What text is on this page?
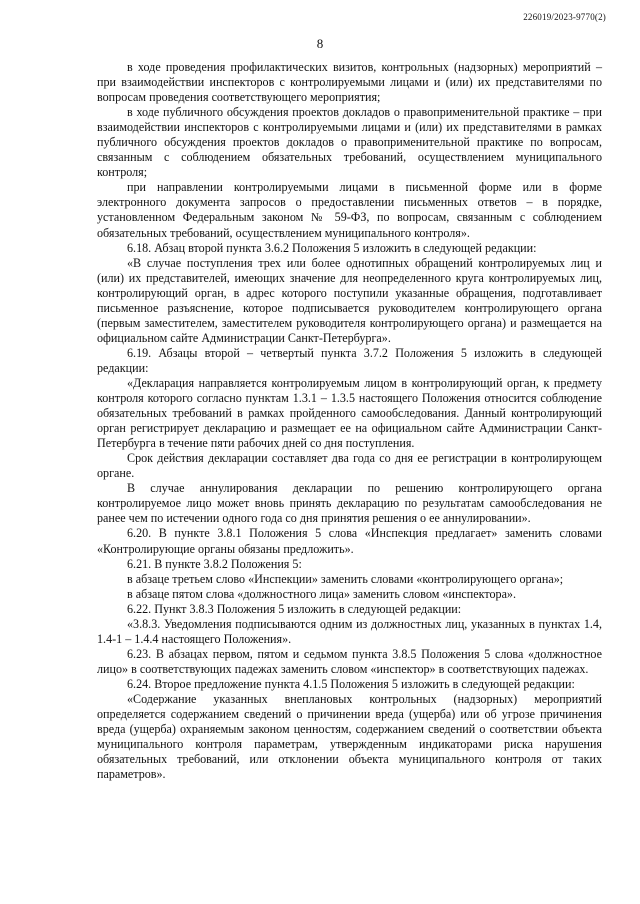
226019/2023-9770(2)
8

в ходе проведения профилактических визитов, контрольных (надзорных) мероприятий – при взаимодействии инспекторов с контролируемыми лицами и (или) их представителями по вопросам проведения соответствующего мероприятия;

в ходе публичного обсуждения проектов докладов о правоприменительной практике – при взаимодействии инспекторов с контролируемыми лицами и (или) их представителями в рамках публичного обсуждения проектов докладов о правоприменительной практике по вопросам, связанным с соблюдением обязательных требований, осуществлением муниципального контроля;

при направлении контролируемыми лицами в письменной форме или в форме электронного документа запросов о предоставлении письменных ответов – в порядке, установленном Федеральным законом № 59-ФЗ, по вопросам, связанным с соблюдением обязательных требований, осуществлением муниципального контроля».

6.18. Абзац второй пункта 3.6.2 Положения 5 изложить в следующей редакции:

«В случае поступления трех или более однотипных обращений контролируемых лиц и (или) их представителей, имеющих значение для неопределенного круга контролируемых лиц, контролирующий орган, в адрес которого поступили указанные обращения, подготавливает письменное разъяснение, которое подписывается руководителем контролирующего органа (первым заместителем, заместителем руководителя контролирующего органа) и размещается на официальном сайте Администрации Санкт-Петербурга».

6.19. Абзацы второй – четвертый пункта 3.7.2 Положения 5 изложить в следующей редакции:

«Декларация направляется контролируемым лицом в контролирующий орган, к предмету контроля которого согласно пунктам 1.3.1 – 1.3.5 настоящего Положения относится соблюдение обязательных требований в рамках пройденного самообследования. Данный контролирующий орган регистрирует декларацию и размещает ее на официальном сайте Администрации Санкт-Петербурга в течение пяти рабочих дней со дня поступления.

Срок действия декларации составляет два года со дня ее регистрации в контролирующем органе.

В случае аннулирования декларации по решению контролирующего органа контролируемое лицо может вновь принять декларацию по результатам самообследования не ранее чем по истечении одного года со дня принятия решения о ее аннулировании».

6.20. В пункте 3.8.1 Положения 5 слова «Инспекция предлагает» заменить словами «Контролирующие органы обязаны предложить».

6.21. В пункте 3.8.2 Положения 5:

в абзаце третьем слово «Инспекции» заменить словами «контролирующего органа»;

в абзаце пятом слова «должностного лица» заменить словом «инспектора».

6.22. Пункт 3.8.3 Положения 5 изложить в следующей редакции:

«3.8.3. Уведомления подписываются одним из должностных лиц, указанных в пунктах 1.4, 1.4-1 – 1.4.4 настоящего Положения».

6.23. В абзацах первом, пятом и седьмом пункта 3.8.5 Положения 5 слова «должностное лицо» в соответствующих падежах заменить словом «инспектор» в соответствующих падежах.

6.24. Второе предложение пункта 4.1.5 Положения 5 изложить в следующей редакции:

«Содержание указанных внеплановых контрольных (надзорных) мероприятий определяется содержанием сведений о причинении вреда (ущерба) или об угрозе причинения вреда (ущерба) охраняемым законом ценностям, содержанием сведений о соответствии объекта муниципального контроля параметрам, утвержденным индикаторами риска нарушения обязательных требований, или отклонении объекта муниципального контроля от таких параметров».
